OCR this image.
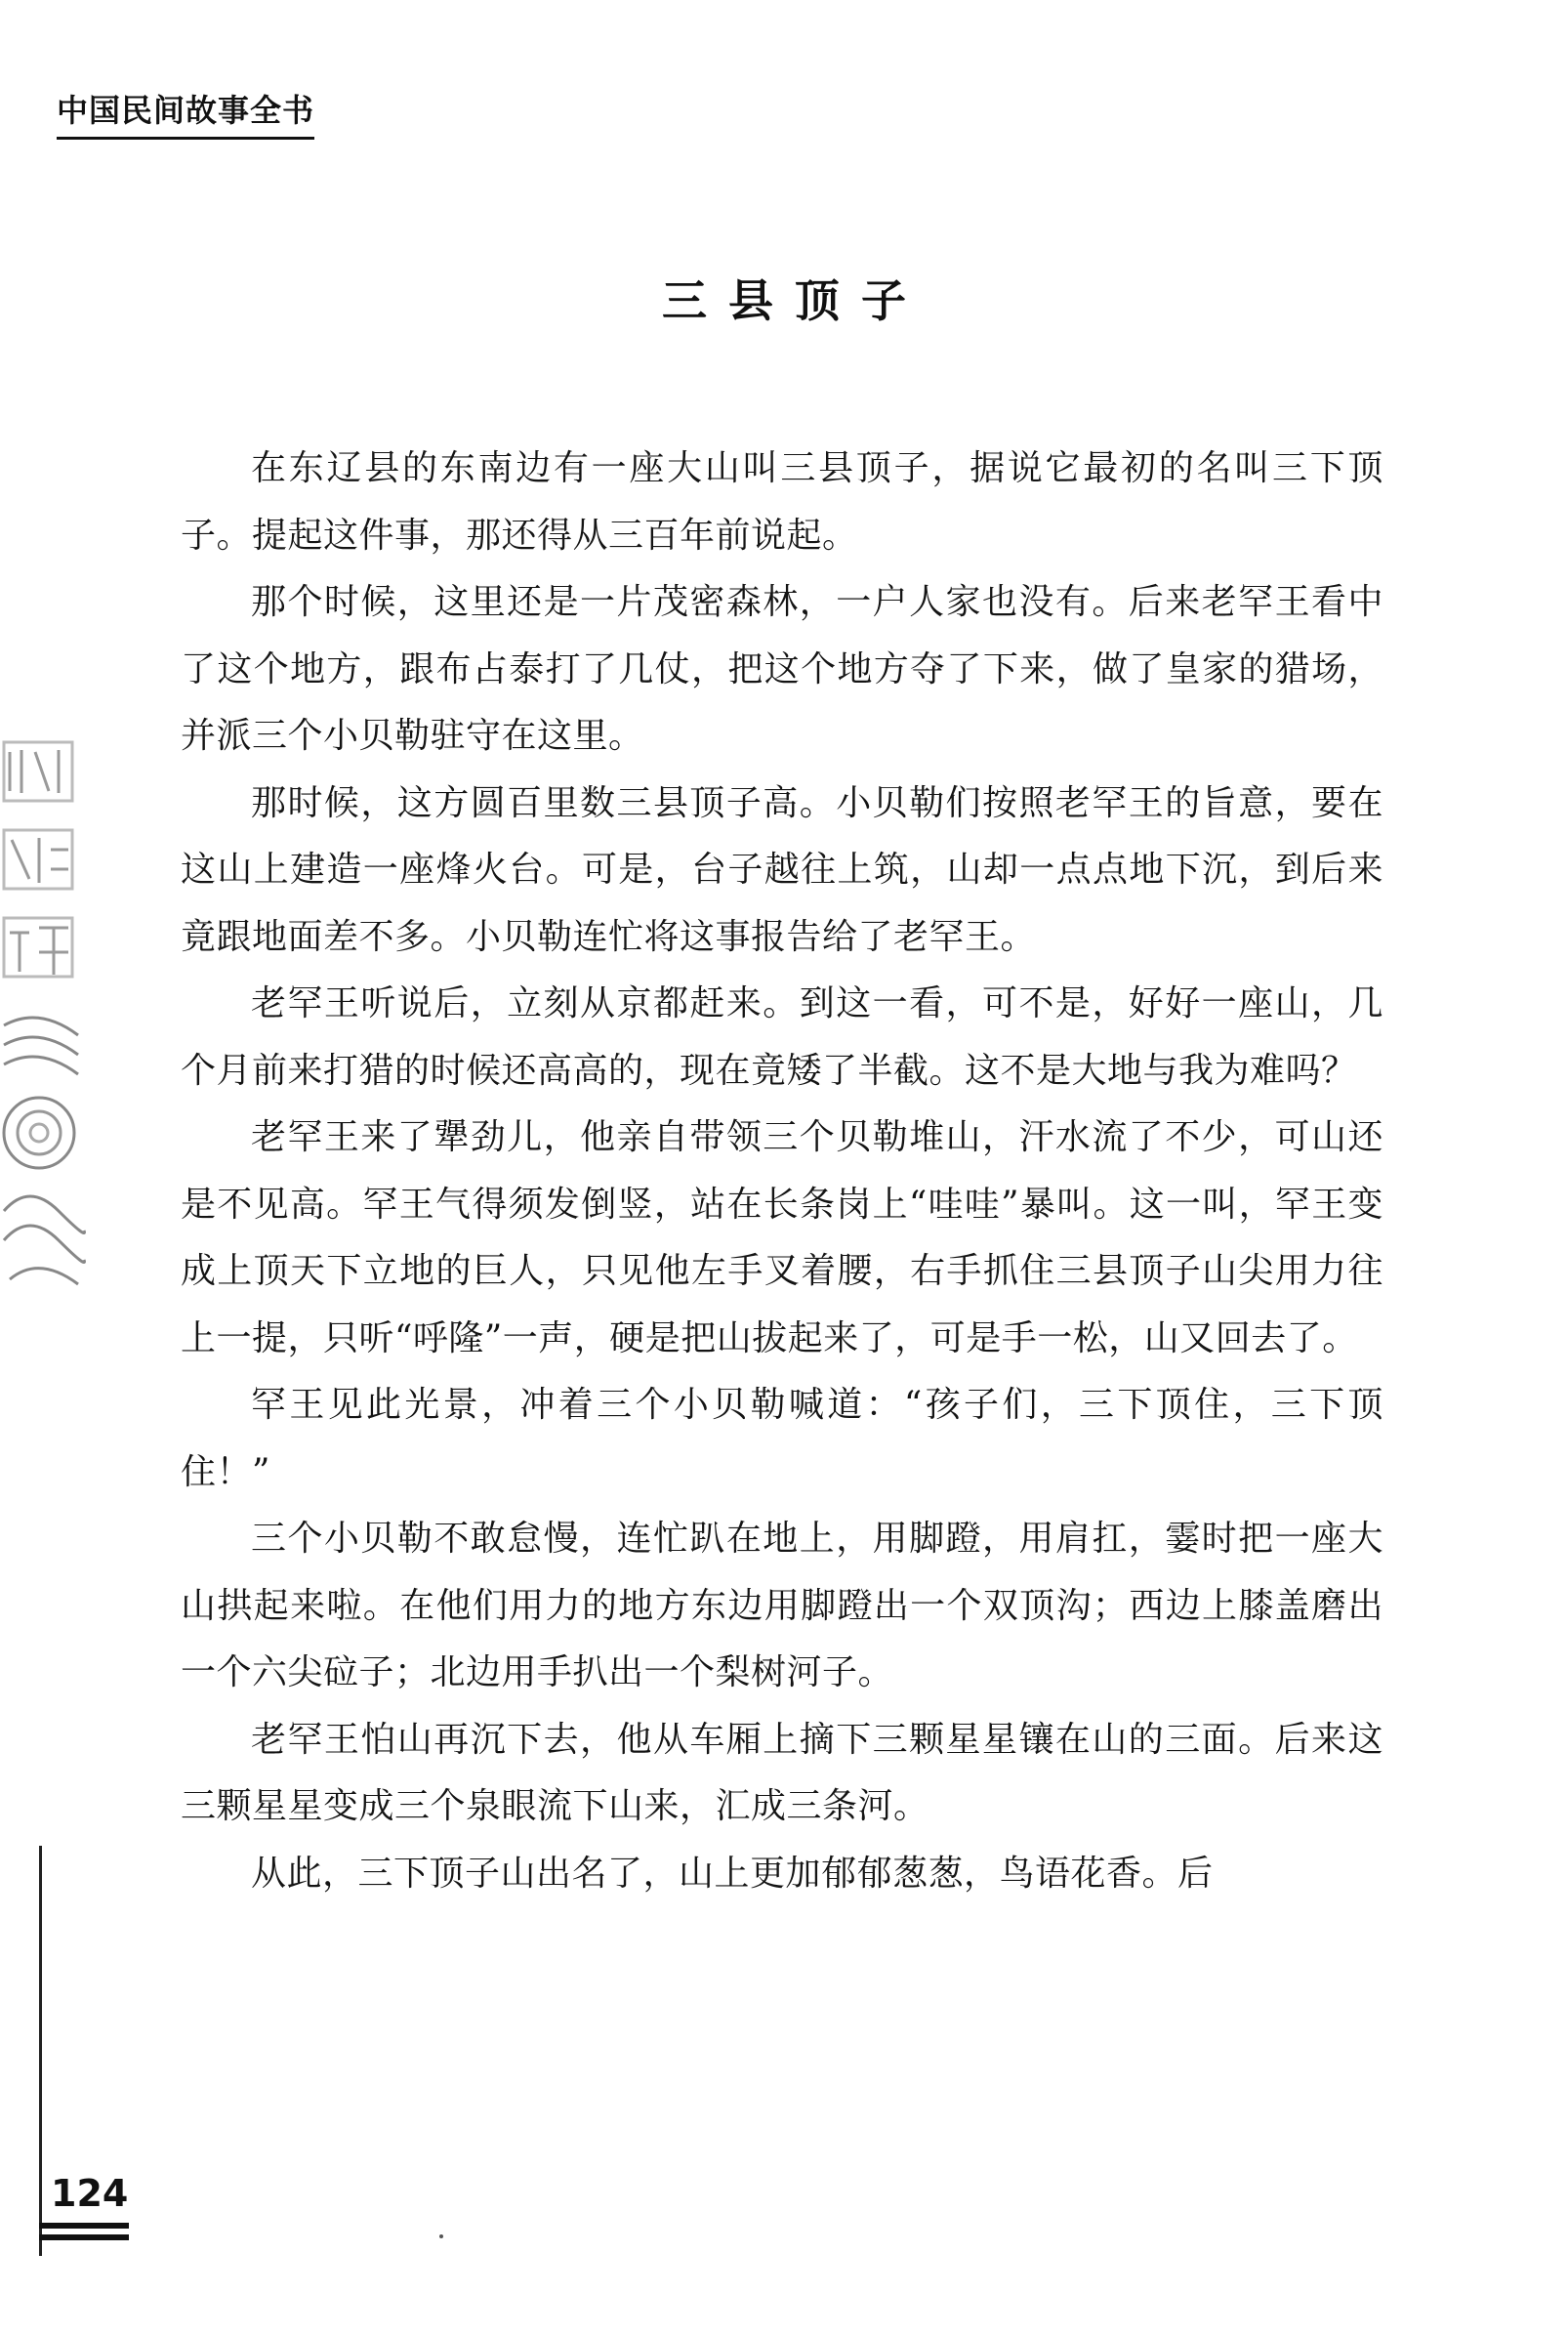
中国民间故事全书
三县顶子

在东辽县的东南边有一座大山叫三县顶子，据说它最初的名叫三下顶子。提起这件事，那还得从三百年前说起。

那个时候，这里还是一片茂密森林，一户人家也没有。后来老罕王看中了这个地方，跟布占泰打了几仗，把这个地方夺了下来，做了皇家的猎场，并派三个小贝勒驻守在这里。

那时候，这方圆百里数三县顶子高。小贝勒们按照老罕王的旨意，要在这山上建造一座烽火台。可是，台子越往上筑，山却一点点地下沉，到后来竟跟地面差不多。小贝勒连忙将这事报告给了老罕王。

老罕王听说后，立刻从京都赶来。到这一看，可不是，好好一座山，几个月前来打猎的时候还高高的，现在竟矮了半截。这不是大地与我为难吗？

老罕王来了犟劲儿，他亲自带领三个贝勒堆山，汗水流了不少，可山还是不见高。罕王气得须发倒竖，站在长条岗上“哇哇”暴叫。这一叫，罕王变成上顶天下立地的巨人，只见他左手叉着腰，右手抓住三县顶子山尖用力往上一提，只听“呼隆”一声，硬是把山拔起来了，可是手一松，山又回去了。

罕王见此光景，冲着三个小贝勒喊道：“孩子们，三下顶住，三下顶住！”

三个小贝勒不敢怠慢，连忙趴在地上，用脚蹬，用肩扛，霎时把一座大山拱起来啦。在他们用力的地方东边用脚蹬出一个双顶沟；西边上膝盖磨出一个六尖砬子；北边用手扒出一个梨树河子。

老罕王怕山再沉下去，他从车厢上摘下三颗星星镶在山的三面。后来这三颗星星变成三个泉眼流下山来，汇成三条河。

从此，三下顶子山出名了，山上更加郁郁葱葱，鸟语花香。后

124
